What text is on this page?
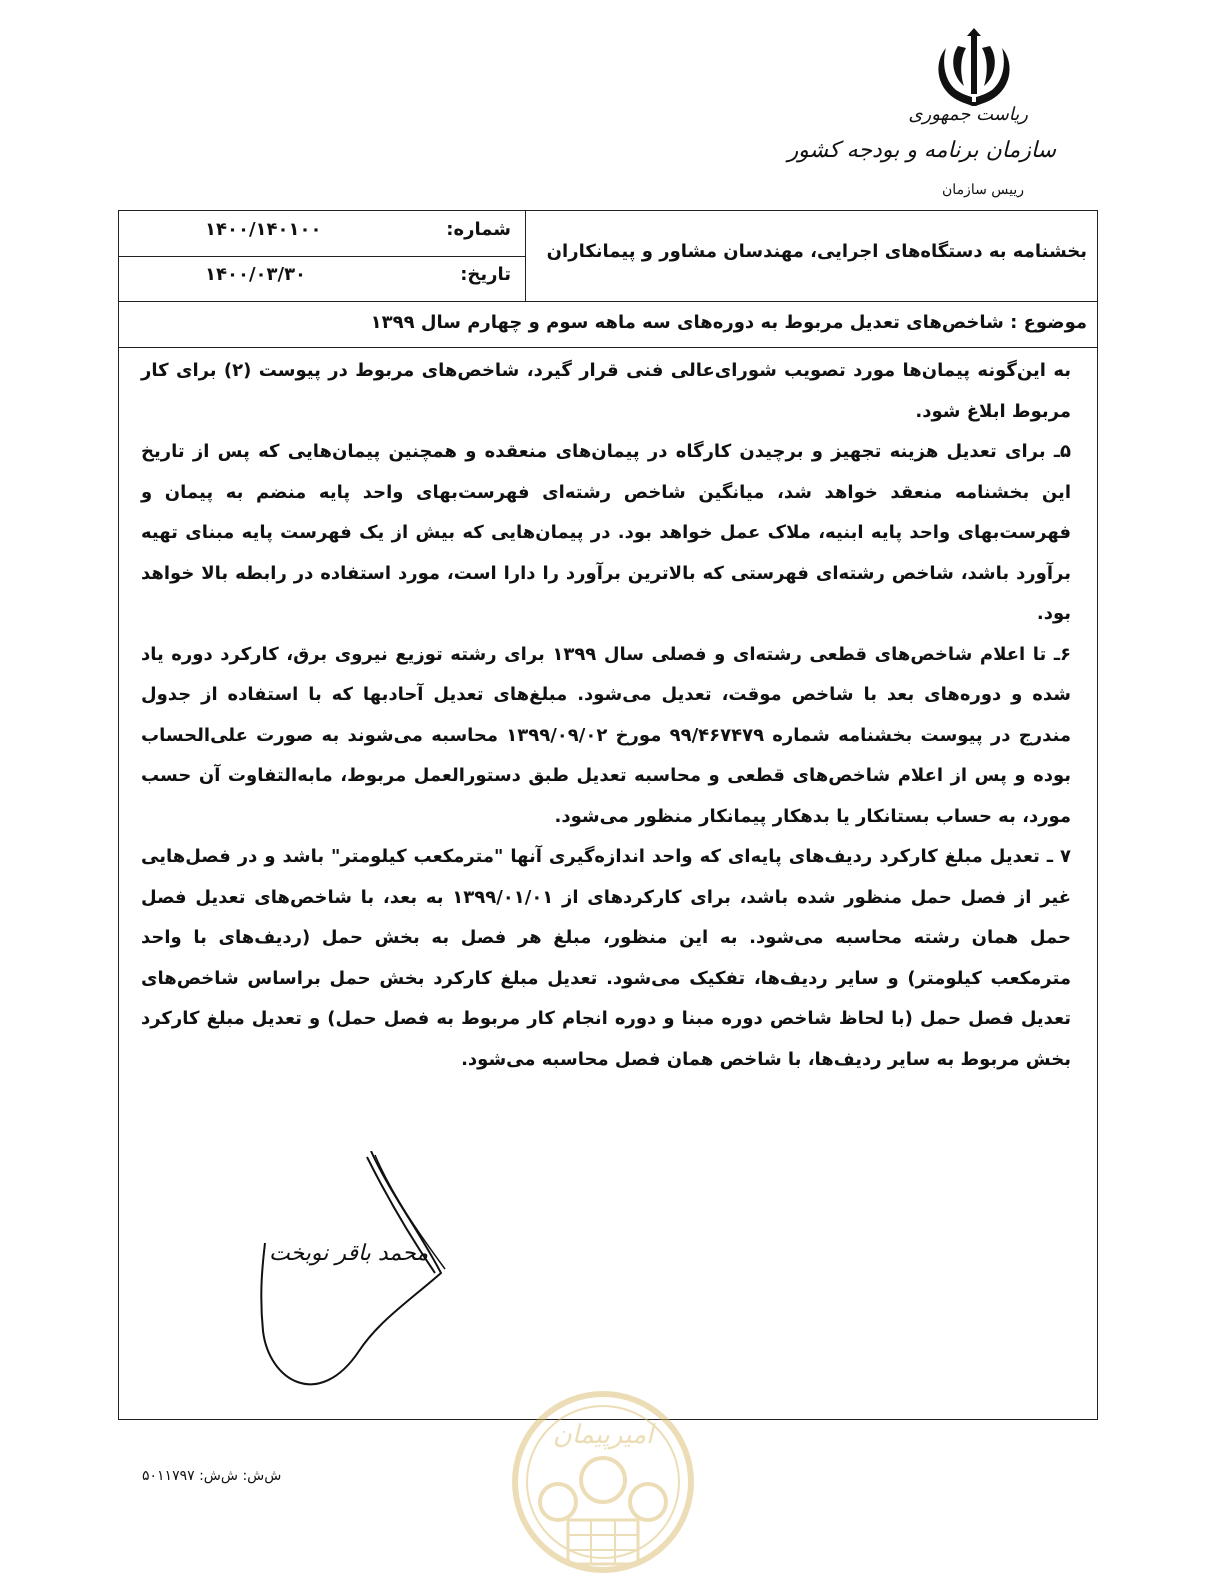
ریاست جمهوری
سازمان برنامه و بودجه کشور
رییس سازمان
بخشنامه به دستگاه‌های اجرایی، مهندسان مشاور و پیمانکاران
شماره:
۱۴۰۰/۱۴۰۱۰۰
تاریخ:
۱۴۰۰/۰۳/۳۰
موضوع : شاخص‌های تعدیل مربوط به دوره‌های سه ماهه سوم و چهارم سال ۱۳۹۹

به این‌گونه پیمان‌ها مورد تصویب شورای‌عالی فنی قرار گیرد، شاخص‌های مربوط در پیوست (۲) برای کار مربوط ابلاغ شود.

۵ـ برای تعدیل هزینه تجهیز و برچیدن کارگاه در پیمان‌های منعقده و همچنین پیمان‌هایی که پس از تاریخ این بخشنامه منعقد خواهد شد، میانگین شاخص رشته‌ای فهرست‌بهای واحد پایه منضم به پیمان و فهرست‌بهای واحد پایه ابنیه، ملاک عمل خواهد بود. در پیمان‌هایی که بیش از یک فهرست پایه مبنای تهیه برآورد باشد، شاخص رشته‌ای فهرستی که بالاترین برآورد را دارا است، مورد استفاده در رابطه بالا خواهد بود.

۶ـ تا اعلام شاخص‌های قطعی رشته‌ای و فصلی سال ۱۳۹۹ برای رشته توزیع نیروی برق، کارکرد دوره یاد شده و دوره‌های بعد با شاخص موقت، تعدیل می‌شود. مبلغ‌های تعدیل آحادبها که با استفاده از جدول مندرج در پیوست بخشنامه شماره ۹۹/۴۶۷۴۷۹ مورخ ۱۳۹۹/۰۹/۰۲ محاسبه می‌شوند به صورت علی‌الحساب بوده و پس از اعلام شاخص‌های قطعی و محاسبه تعدیل طبق دستورالعمل مربوط، مابه‌التفاوت آن حسب مورد، به حساب بستانکار یا بدهکار پیمانکار منظور می‌شود.

۷ ـ تعدیل مبلغ کارکرد ردیف‌های پایه‌ای که واحد اندازه‌گیری آنها "مترمکعب کیلومتر" باشد و در فصل‌هایی غیر از فصل حمل منظور شده باشد، برای کارکردهای از ۱۳۹۹/۰۱/۰۱ به بعد، با شاخص‌های تعدیل فصل حمل همان رشته محاسبه می‌شود. به این منظور، مبلغ هر فصل به بخش حمل (ردیف‌های با واحد مترمکعب کیلومتر) و سایر ردیف‌ها، تفکیک می‌شود. تعدیل مبلغ کارکرد بخش حمل براساس شاخص‌های تعدیل فصل حمل (با لحاظ شاخص دوره مبنا و دوره انجام کار مربوط به فصل حمل) و تعدیل مبلغ کارکرد بخش مربوط به سایر ردیف‌ها، با شاخص همان فصل محاسبه می‌شود.

محمد باقر نوبخت
ش‌ش: ش‌ش: ۵۰۱۱۷۹۷
امیرپیمان
